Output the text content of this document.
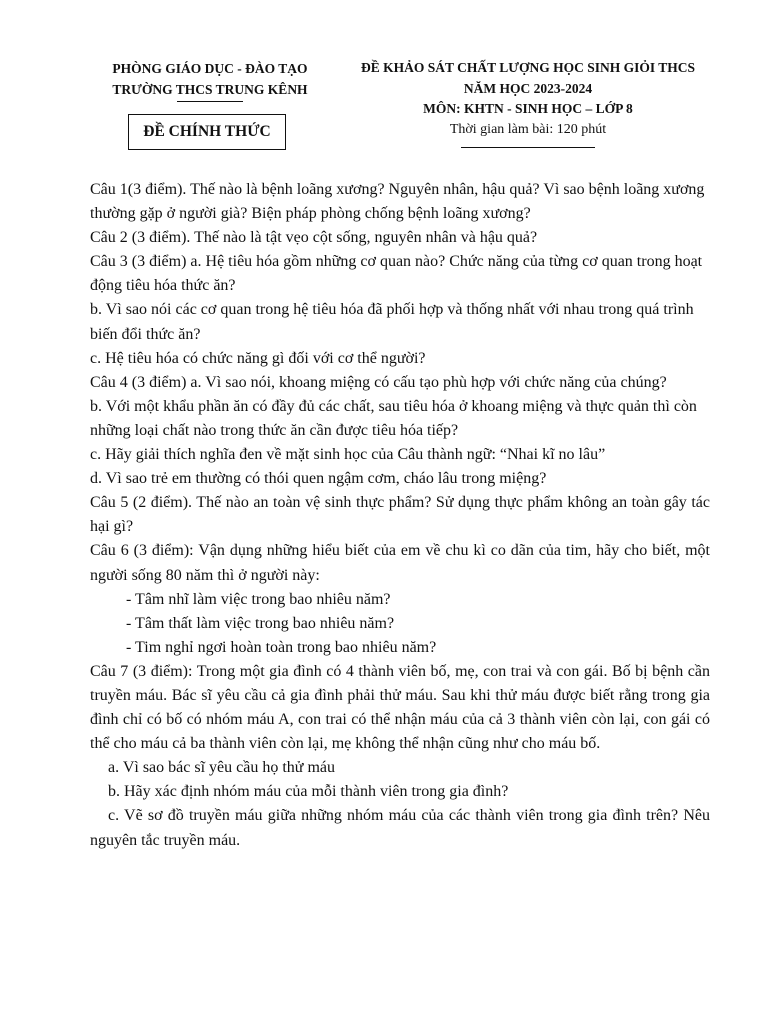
PHÒNG GIÁO DỤC - ĐÀO TẠO
TRƯỜNG THCS TRUNG KÊNH
ĐỀ CHÍNH THỨC
ĐỀ KHẢO SÁT CHẤT LƯỢNG HỌC SINH GIỎI THCS
NĂM HỌC 2023-2024
MÔN: KHTN - SINH HỌC – LỚP 8
Thời gian làm bài: 120 phút

Câu 1(3 điểm). Thế nào là bệnh loãng xương? Nguyên nhân, hậu quả? Vì sao bệnh loãng xương thường gặp ở người già? Biện pháp phòng chống bệnh loãng xương?

Câu 2 (3 điểm). Thế nào là tật vẹo cột sống, nguyên nhân và hậu quả?

Câu 3 (3 điểm) a. Hệ tiêu hóa gồm những cơ quan nào? Chức năng của từng cơ quan trong hoạt động tiêu hóa thức ăn?

b. Vì sao nói các cơ quan trong hệ tiêu hóa đã phối hợp và thống nhất với nhau trong quá trình biến đổi thức ăn?

c. Hệ tiêu hóa có chức năng gì đối với cơ thể người?

Câu 4 (3 điểm) a. Vì sao nói, khoang miệng có cấu tạo phù hợp với chức năng của chúng?

b. Với một khẩu phần ăn có đầy đủ các chất, sau tiêu hóa ở khoang miệng và thực quản thì còn những loại chất nào trong thức ăn cần được tiêu hóa tiếp?

c. Hãy giải thích nghĩa đen về mặt sinh học của Câu thành ngữ: “Nhai kĩ no lâu”

d. Vì sao trẻ em thường có thói quen ngậm cơm, cháo lâu trong miệng?

Câu 5 (2 điểm). Thế nào an toàn vệ sinh thực phẩm? Sử dụng thực phẩm không an toàn gây tác hại gì?

Câu 6 (3 điểm): Vận dụng những hiểu biết của em về chu kì co dãn của tim, hãy cho biết, một người sống 80 năm thì ở người này:

- Tâm nhĩ làm việc trong bao nhiêu năm?

- Tâm thất làm việc trong bao nhiêu năm?

- Tim nghỉ ngơi hoàn toàn trong bao nhiêu năm?

Câu 7 (3 điểm): Trong một gia đình có 4 thành viên bố, mẹ, con trai và con gái. Bố bị bệnh cần truyền máu. Bác sĩ yêu cầu cả gia đình phải thử máu. Sau khi thử máu được biết rằng trong gia đình chỉ có bố có nhóm máu A, con trai có thể nhận máu của cả 3 thành viên còn lại, con gái có thể cho máu cả ba thành viên còn lại, mẹ không thể nhận cũng như cho máu bố.

a. Vì sao bác sĩ yêu cầu họ thử máu

b. Hãy xác định nhóm máu của mỗi thành viên trong gia đình?

c. Vẽ sơ đồ truyền máu giữa những nhóm máu của các thành viên trong gia đình trên? Nêu nguyên tắc truyền máu.
